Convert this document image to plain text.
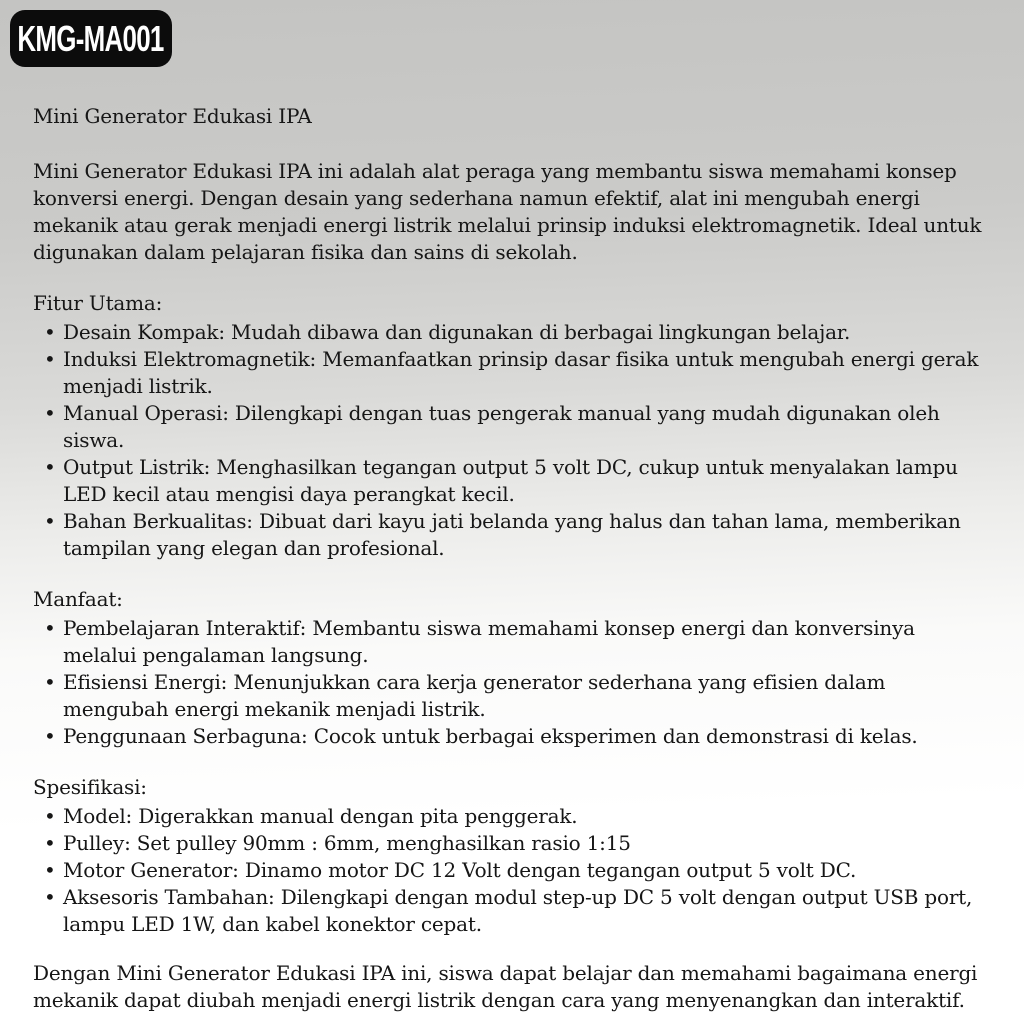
KMG-MA001

Mini Generator Edukasi IPA

Mini Generator Edukasi IPA ini adalah alat peraga yang membantu siswa memahami konsep konversi energi. Dengan desain yang sederhana namun efektif, alat ini mengubah energi mekanik atau gerak menjadi energi listrik melalui prinsip induksi elektromagnetik. Ideal untuk digunakan dalam pelajaran fisika dan sains di sekolah.

Fitur Utama:

•
Desain Kompak: Mudah dibawa dan digunakan di berbagai lingkungan belajar.
•
Induksi Elektromagnetik: Memanfaatkan prinsip dasar fisika untuk mengubah energi gerak menjadi listrik.
•
Manual Operasi: Dilengkapi dengan tuas pengerak manual yang mudah digunakan oleh siswa.
•
Output Listrik: Menghasilkan tegangan output 5 volt DC, cukup untuk menyalakan lampu LED kecil atau mengisi daya perangkat kecil.
•
Bahan Berkualitas: Dibuat dari kayu jati belanda yang halus dan tahan lama, memberikan tampilan yang elegan dan profesional.

Manfaat:

•
Pembelajaran Interaktif: Membantu siswa memahami konsep energi dan konversinya melalui pengalaman langsung.
•
Efisiensi Energi: Menunjukkan cara kerja generator sederhana yang efisien dalam mengubah energi mekanik menjadi listrik.
•
Penggunaan Serbaguna: Cocok untuk berbagai eksperimen dan demonstrasi di kelas.

Spesifikasi:

•
Model: Digerakkan manual dengan pita penggerak.
•
Pulley: Set pulley 90mm : 6mm, menghasilkan rasio 1:15
•
Motor Generator: Dinamo motor DC 12 Volt dengan tegangan output 5 volt DC.
•
Aksesoris Tambahan: Dilengkapi dengan modul step-up DC 5 volt dengan output USB port, lampu LED 1W, dan kabel konektor cepat.

Dengan Mini Generator Edukasi IPA ini, siswa dapat belajar dan memahami bagaimana energi mekanik dapat diubah menjadi energi listrik dengan cara yang menyenangkan dan interaktif.
